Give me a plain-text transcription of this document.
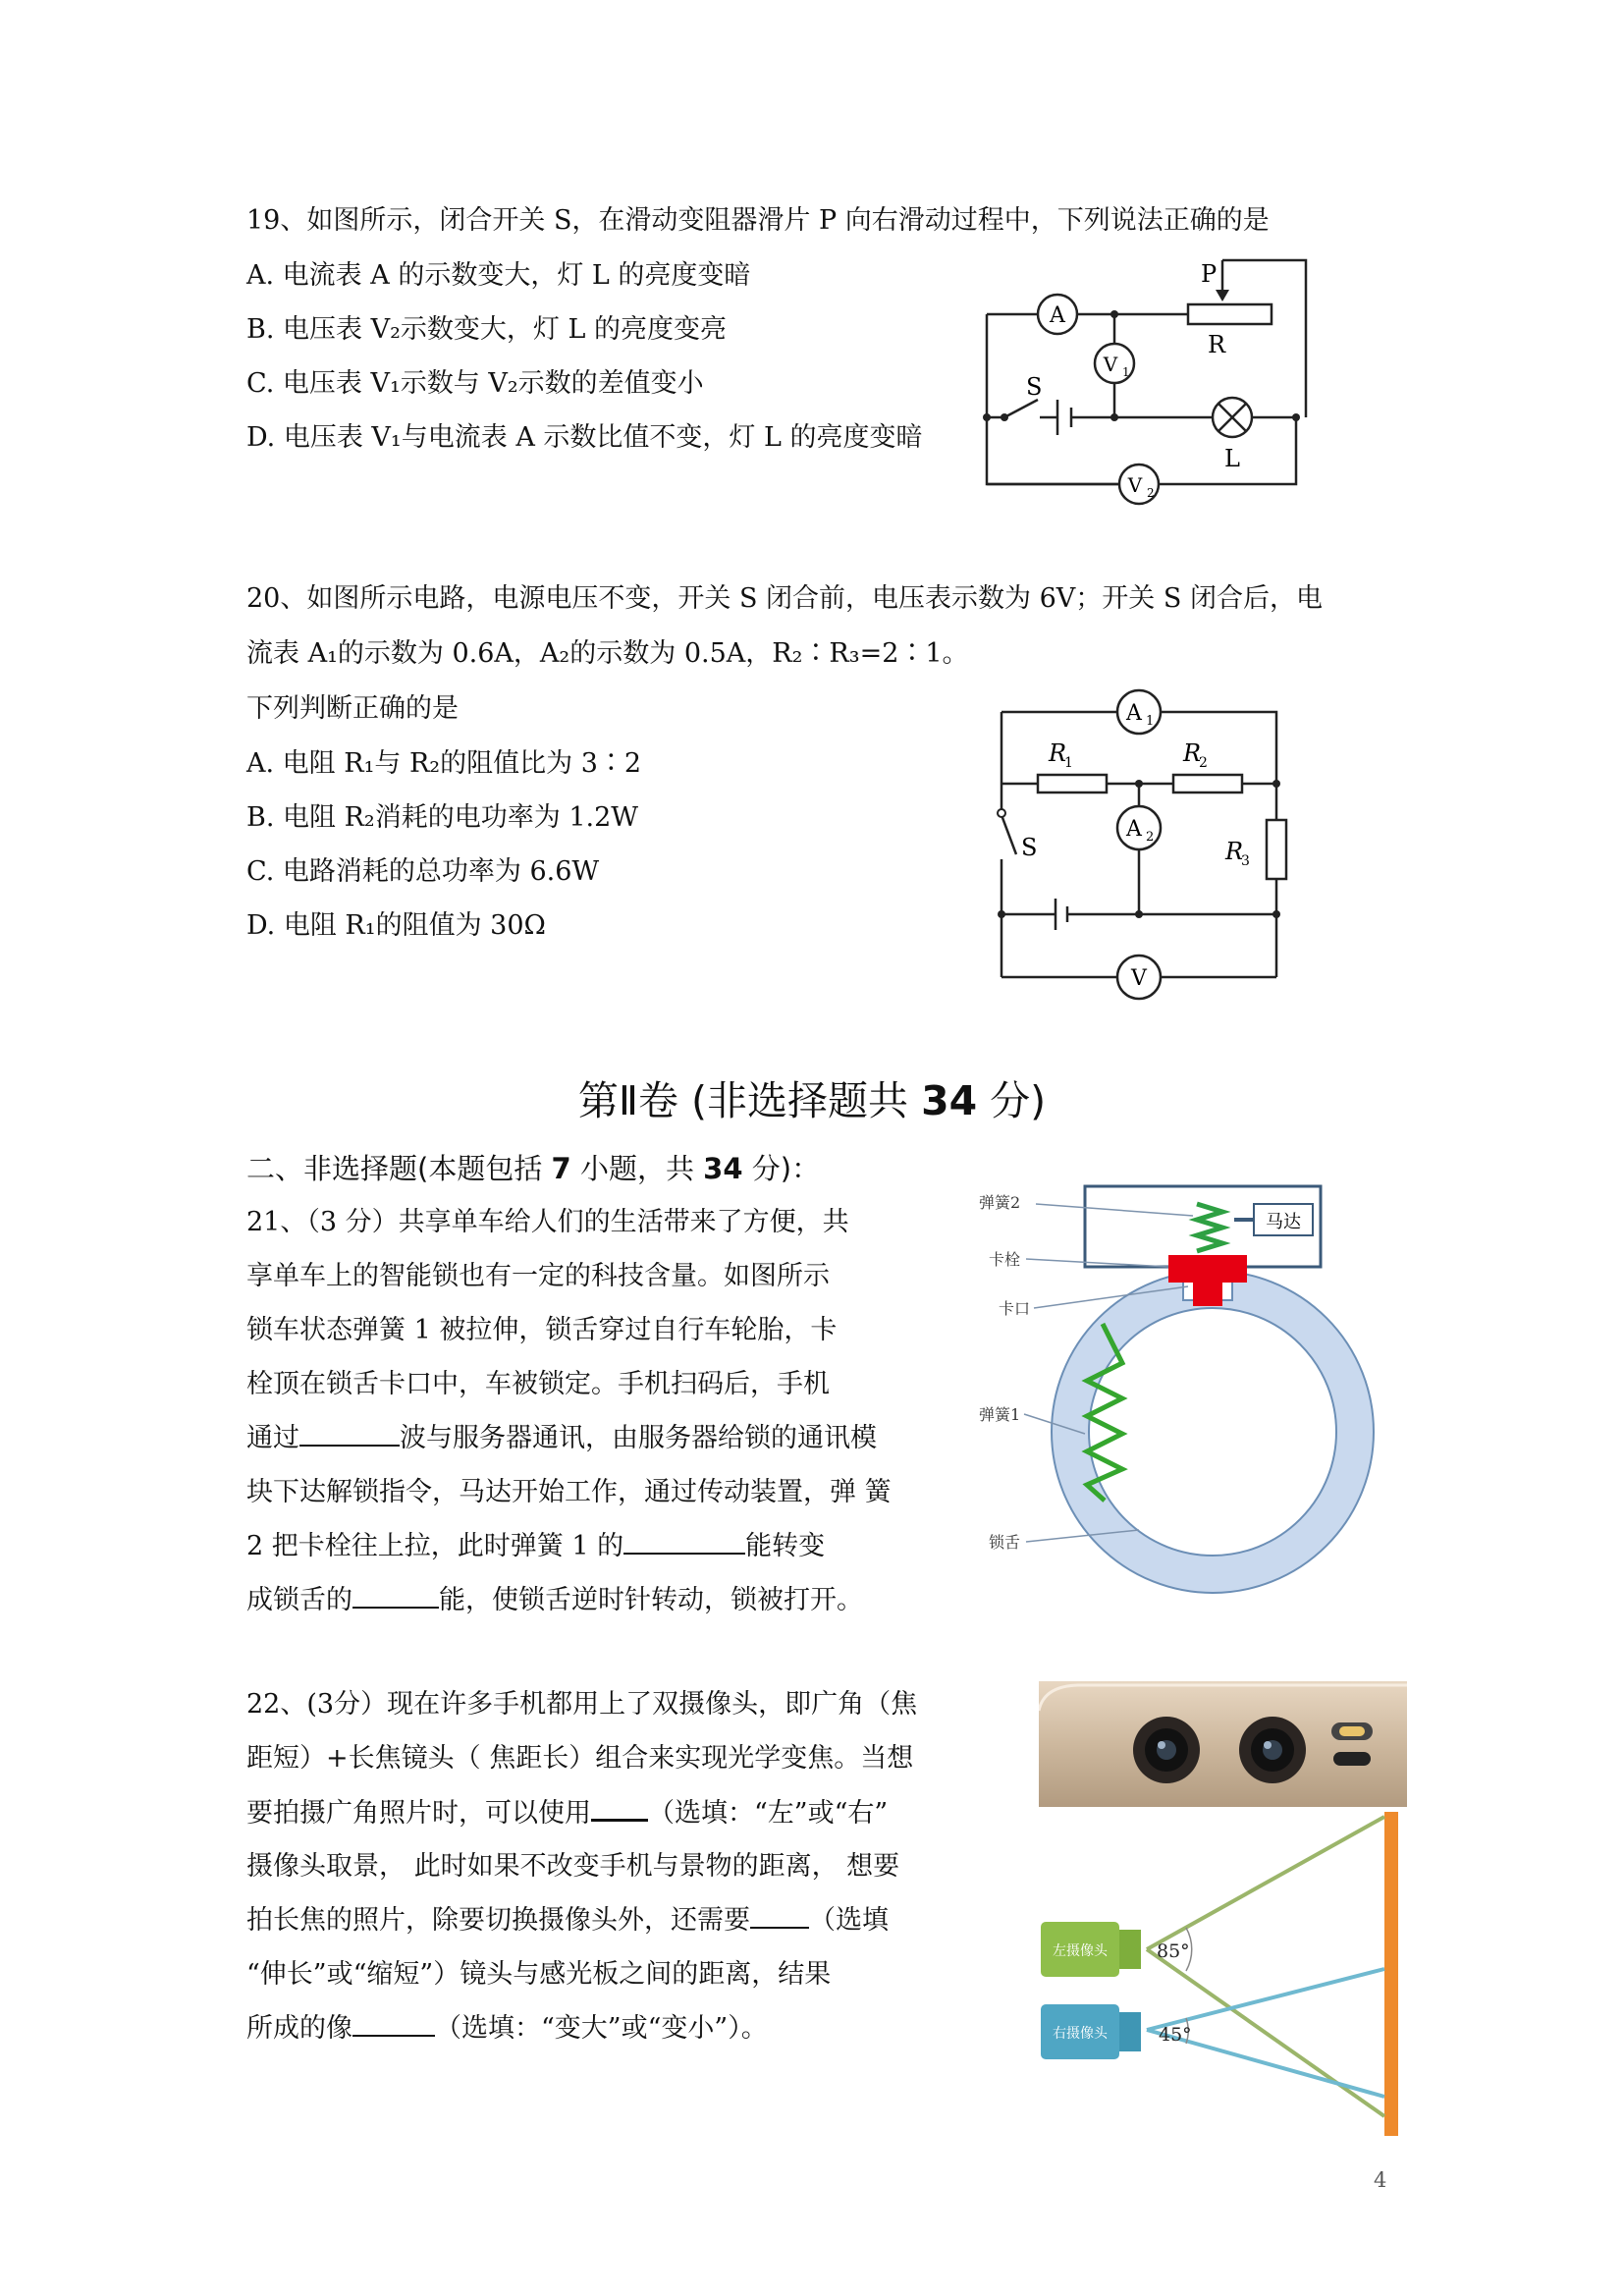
19、如图所示，闭合开关 S，在滑动变阻器滑片 P 向右滑动过程中，下列说法正确的是
A. 电流表 A 的示数变大，灯 L 的亮度变暗
B. 电压表 V₂示数变大，灯 L 的亮度变亮
C. 电压表 V₁示数与 V₂示数的差值变小
D. 电压表 V₁与电流表 A 示数比值不变，灯 L 的亮度变暗
A
V 1
V 2
P
R
S
L
20、如图所示电路，电源电压不变，开关 S 闭合前，电压表示数为 6V；开关 S 闭合后，电
流表 A₁的示数为 0.6A，A₂的示数为 0.5A，R₂∶R₃=2∶1。
下列判断正确的是
A. 电阻 R₁与 R₂的阻值比为 3∶2
B. 电阻 R₂消耗的电功率为 1.2W
C. 电路消耗的总功率为 6.6W
D. 电阻 R₁的阻值为 30Ω
A 1
A 2
V
R
1	R
2
R
3
S
第Ⅱ卷 (非选择题共 34 分)
二、非选择题(本题包括 7 小题，共 34 分)：
21、（3 分）共享单车给人们的生活带来了方便，共
享单车上的智能锁也有一定的科技含量。如图所示
锁车状态弹簧 1 被拉伸，锁舌穿过自行车轮胎，卡
栓顶在锁舌卡口中，车被锁定。手机扫码后，手机
通过	波与服务器通讯，由服务器给锁的通讯模
块下达解锁指令，马达开始工作，通过传动装置，弹 簧
2 把卡栓往上拉，此时弹簧 1 的	能转变
成锁舌的	能，使锁舌逆时针转动，锁被打开。
马达
弹簧2
卡栓
卡口
弹簧1
锁舌
22、(3分）现在许多手机都用上了双摄像头，即广角（焦
距短）+长焦镜头（ 焦距长）组合来实现光学变焦。当想
要拍摄广角照片时，可以使用 （选填：“左”或“右”
摄像头取景， 此时如果不改变手机与景物的距离， 想要
拍长焦的照片，除要切换摄像头外，还需要 （选填
“伸长”或“缩短”）镜头与感光板之间的距离，结果
所成的像	（选填：“变大”或“变小”）。
左摄像头
右摄像头
85°
45°
4
